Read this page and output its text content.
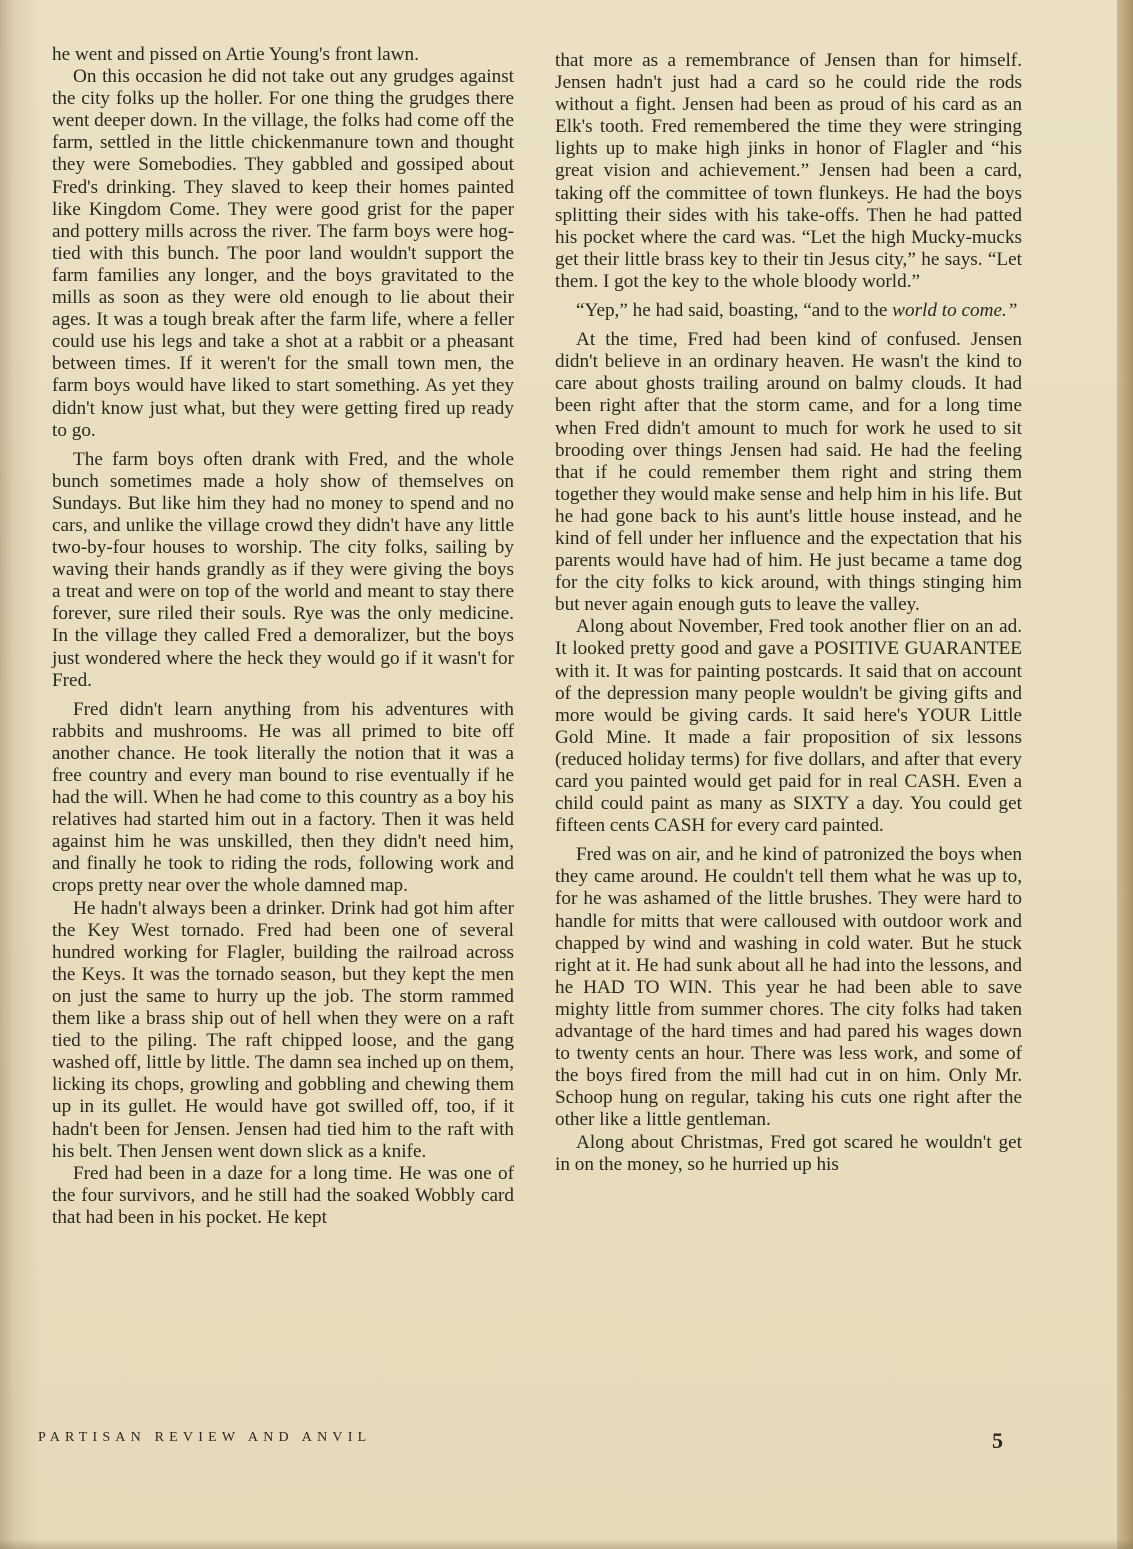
he went and pissed on Artie Young's front lawn.

On this occasion he did not take out any grudges against the city folks up the holler. For one thing the grudges there went deeper down. In the village, the folks had come off the farm, settled in the little chickenmanure town and thought they were Somebodies. They gabbled and gossiped about Fred's drinking. They slaved to keep their homes painted like Kingdom Come. They were good grist for the paper and pottery mills across the river. The farm boys were hog-tied with this bunch. The poor land wouldn't support the farm families any longer, and the boys gravitated to the mills as soon as they were old enough to lie about their ages. It was a tough break after the farm life, where a feller could use his legs and take a shot at a rabbit or a pheasant between times. If it weren't for the small town men, the farm boys would have liked to start something. As yet they didn't know just what, but they were getting fired up ready to go.

The farm boys often drank with Fred, and the whole bunch sometimes made a holy show of themselves on Sundays. But like him they had no money to spend and no cars, and unlike the village crowd they didn't have any little two-by-four houses to worship. The city folks, sailing by waving their hands grandly as if they were giving the boys a treat and were on top of the world and meant to stay there forever, sure riled their souls. Rye was the only medicine. In the village they called Fred a demoralizer, but the boys just wondered where the heck they would go if it wasn't for Fred.

Fred didn't learn anything from his adventures with rabbits and mushrooms. He was all primed to bite off another chance. He took literally the notion that it was a free country and every man bound to rise eventually if he had the will. When he had come to this country as a boy his relatives had started him out in a factory. Then it was held against him he was unskilled, then they didn't need him, and finally he took to riding the rods, following work and crops pretty near over the whole damned map.

He hadn't always been a drinker. Drink had got him after the Key West tornado. Fred had been one of several hundred working for Flagler, building the railroad across the Keys. It was the tornado season, but they kept the men on just the same to hurry up the job. The storm rammed them like a brass ship out of hell when they were on a raft tied to the piling. The raft chipped loose, and the gang washed off, little by little. The damn sea inched up on them, licking its chops, growling and gobbling and chewing them up in its gullet. He would have got swilled off, too, if it hadn't been for Jensen. Jensen had tied him to the raft with his belt. Then Jensen went down slick as a knife.

Fred had been in a daze for a long time. He was one of the four survivors, and he still had the soaked Wobbly card that had been in his pocket. He kept

that more as a remembrance of Jensen than for himself. Jensen hadn't just had a card so he could ride the rods without a fight. Jensen had been as proud of his card as an Elk's tooth. Fred remembered the time they were stringing lights up to make high jinks in honor of Flagler and “his great vision and achievement.” Jensen had been a card, taking off the committee of town flunkeys. He had the boys splitting their sides with his take-offs. Then he had patted his pocket where the card was. “Let the high Mucky-mucks get their little brass key to their tin Jesus city,” he says. “Let them. I got the key to the whole bloody world.”

“Yep,” he had said, boasting, “and to the world to come.”

At the time, Fred had been kind of confused. Jensen didn't believe in an ordinary heaven. He wasn't the kind to care about ghosts trailing around on balmy clouds. It had been right after that the storm came, and for a long time when Fred didn't amount to much for work he used to sit brooding over things Jensen had said. He had the feeling that if he could remember them right and string them together they would make sense and help him in his life. But he had gone back to his aunt's little house instead, and he kind of fell under her influence and the expectation that his parents would have had of him. He just became a tame dog for the city folks to kick around, with things stinging him but never again enough guts to leave the valley.

Along about November, Fred took another flier on an ad. It looked pretty good and gave a POSITIVE GUARANTEE with it. It was for painting postcards. It said that on account of the depression many people wouldn't be giving gifts and more would be giving cards. It said here's YOUR Little Gold Mine. It made a fair proposition of six lessons (reduced holiday terms) for five dollars, and after that every card you painted would get paid for in real CASH. Even a child could paint as many as SIXTY a day. You could get fifteen cents CASH for every card painted.

Fred was on air, and he kind of patronized the boys when they came around. He couldn't tell them what he was up to, for he was ashamed of the little brushes. They were hard to handle for mitts that were calloused with outdoor work and chapped by wind and washing in cold water. But he stuck right at it. He had sunk about all he had into the lessons, and he HAD TO WIN. This year he had been able to save mighty little from summer chores. The city folks had taken advantage of the hard times and had pared his wages down to twenty cents an hour. There was less work, and some of the boys fired from the mill had cut in on him. Only Mr. Schoop hung on regular, taking his cuts one right after the other like a little gentleman.

Along about Christmas, Fred got scared he wouldn't get in on the money, so he hurried up his

PARTISAN REVIEW AND ANVIL	5
